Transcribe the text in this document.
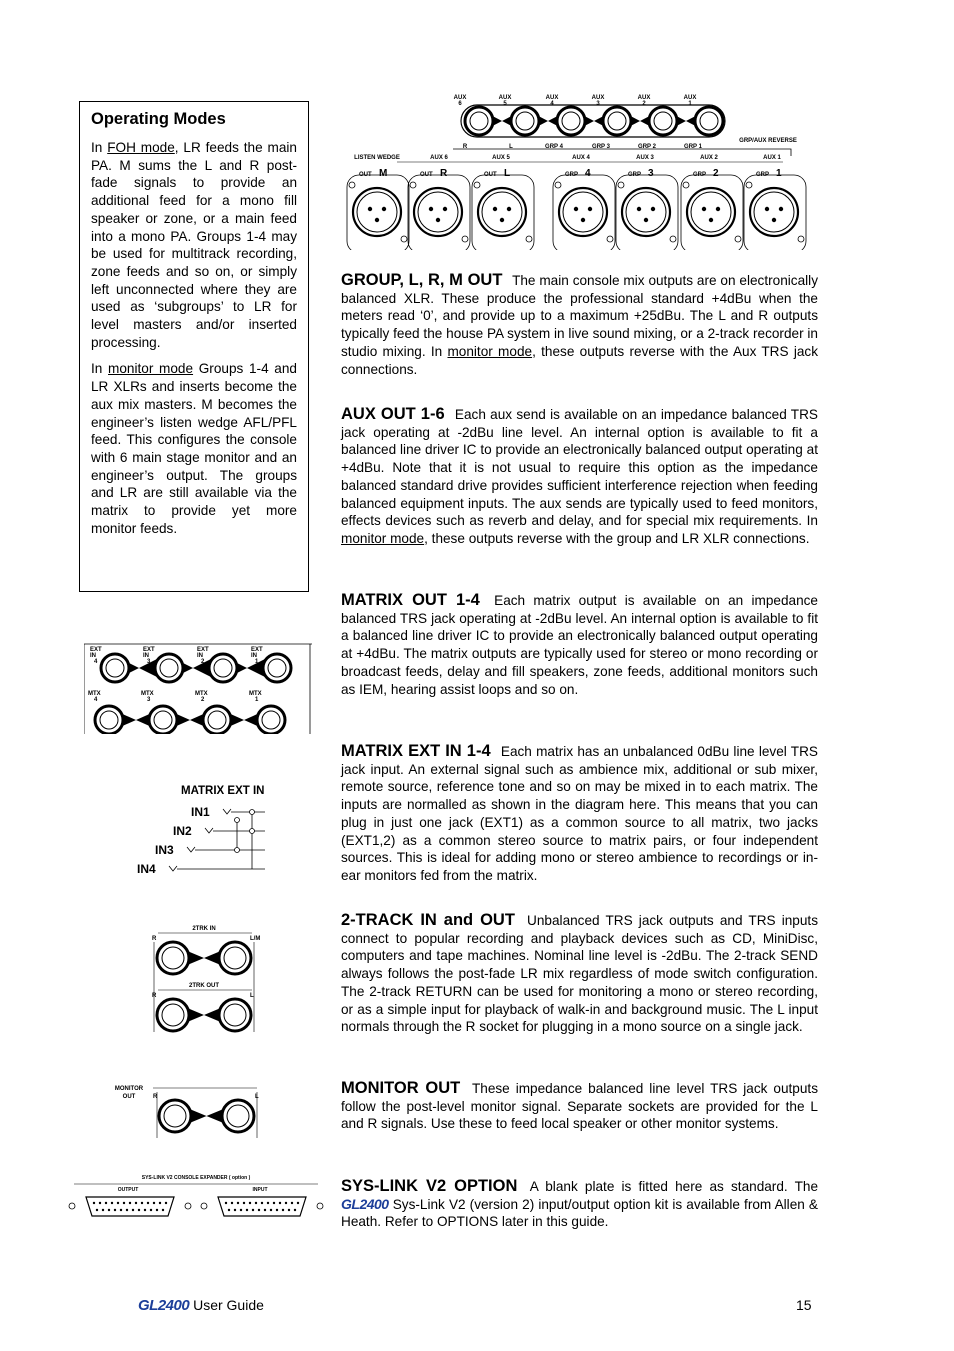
Operating Modes

In FOH mode, LR feeds the main PA. M sums the L and R post-fade signals to provide an additional feed for a mono fill speaker or zone, or a main feed into a mono PA. Groups 1-4 may be used for multitrack recording, zone feeds and so on, or simply left unconnected where they are used as ‘subgroups’ to LR for level masters and/or inserted processing.

In monitor mode Groups 1-4 and LR XLRs and inserts become the aux mix masters. M becomes the engineer’s listen wedge AFL/PFL feed. This configures the console with 6 main stage monitor and an engineer’s output. The groups and LR are still available via the matrix to provide yet more monitor feeds.

AUX
6
AUX
5
AUX
4
AUX
3
AUX
2
AUX
1
R	L	GRP 4	GRP 3	GRP 2	GRP 1
GRP/AUX REVERSE
LISTEN WEDGE	AUX 6	AUX 5	AUX 4	AUX 3	AUX 2	AUX 1
OUT M	OUT R	OUT L	GRP 4	GRP 3	GRP 2	GRP 1

GROUP, L, R, M OUT The main console mix outputs are on electronically balanced XLR. These produce the professional standard +4dBu when the meters read ‘0’, and provide up to a maximum +25dBu. The L and R outputs typically feed the house PA system in live sound mixing, or a 2-track recorder in studio mixing. In monitor mode, these outputs reverse with the Aux TRS jack connections.

AUX OUT 1-6 Each aux send is available on an impedance balanced TRS jack operating at -2dBu line level. An internal option is available to fit a balanced line driver IC to provide an electronically balanced output operating at +4dBu. Note that it is not usual to require this option as the impedance balanced standard drive provides sufficient interference rejection when feeding balanced equipment inputs. The aux sends are typically used to feed monitors, effects devices such as reverb and delay, and for special mix requirements. In monitor mode, these outputs reverse with the group and LR XLR connections.

MATRIX OUT 1-4 Each matrix output is available on an impedance balanced TRS jack operating at -2dBu level. An internal option is available to fit a balanced line driver IC to provide an electronically balanced output operating at +4dBu. The matrix outputs are typically used for stereo or mono recording or broadcast feeds, delay and fill speakers, zone feeds, additional monitors such as IEM, hearing assist loops and so on.

MATRIX EXT IN 1-4 Each matrix has an unbalanced 0dBu line level TRS jack input. An external signal such as ambience mix, additional or sub mixer, remote source, reference tone and so on may be mixed in to each matrix. The inputs are normalled as shown in the diagram here. This means that you can plug in just one jack (EXT1) as a common source to all matrix, two jacks (EXT1,2) as a common stereo source to matrix pairs, or four independent sources. This is ideal for adding mono or stereo ambience to recordings or in-ear monitors fed from the matrix.

2-TRACK IN and OUT Unbalanced TRS jack outputs and TRS inputs connect to popular recording and playback devices such as CD, MiniDisc, computers and tape machines. Nominal line level is -2dBu. The 2-track SEND always follows the post-fade LR mix regardless of mode switch configuration. The 2-track RETURN can be used for monitoring a mono or stereo recording, or as a simple input for playback of walk-in and background music. The L input normals through the R socket for plugging in a mono source on a single jack.

MONITOR OUT These impedance balanced line level TRS jack outputs follow the post-level monitor signal. Separate sockets are provided for the L and R signals. Use these to feed local speaker or other monitor systems.

SYS-LINK V2 OPTION A blank plate is fitted here as standard. The GL2400 Sys-Link V2 (version 2) input/output option kit is available from Allen & Heath. Refer to OPTIONS later in this guide.

EXT
IN
4
EXT
IN
3
EXT
IN
2
EXT
IN
1
MTX
4
MTX
3
MTX
2
MTX
1
MATRIX EXT IN
IN1
IN2
IN3
IN4
2TRK IN
R	L/M
2TRK OUT
R	L
MONITOR
OUT	R	L
SYS-LINK V2 CONSOLE EXPANDER ( option )
OUTPUT	INPUT
GL2400 User Guide	15
